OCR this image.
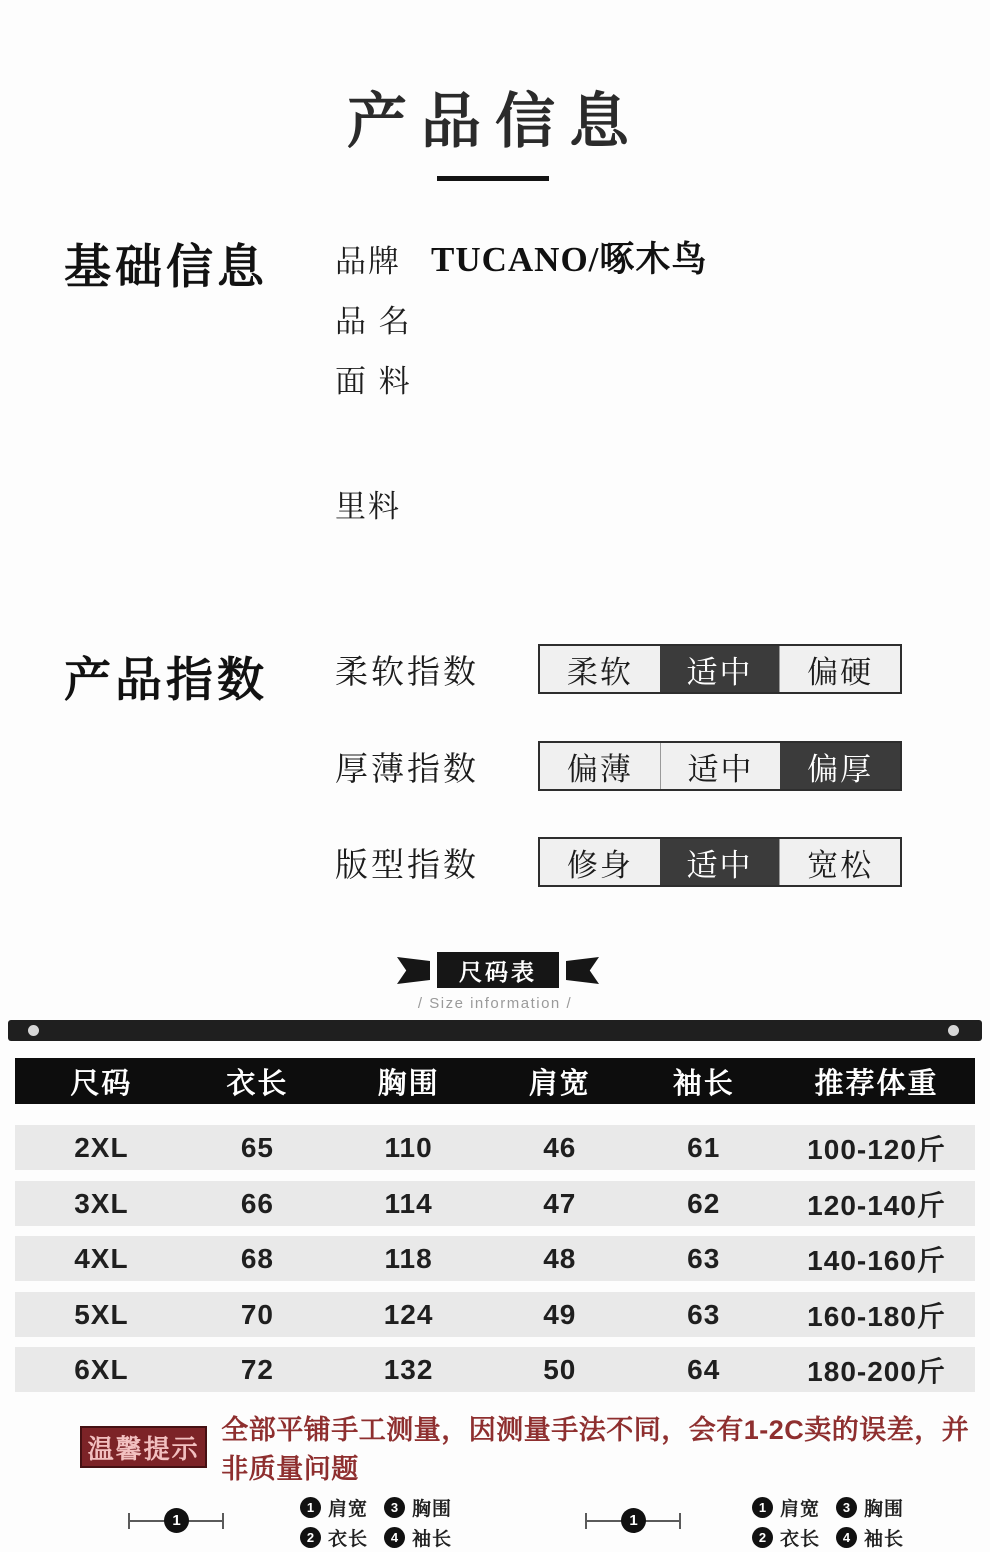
产品信息
基础信息 品牌 TUCANO/啄木鸟
品 名
面 料
里料
产品指数 柔软指数	柔软	适中	偏硬
厚薄指数	偏薄	适中	偏厚
版型指数	修身	适中	宽松
尺码表
/ Size information /
尺码	衣长	胸围	肩宽	袖长	推荐体重
2XL	65	110	46	61	100-120斤
3XL	66	114	47	62	120-140斤
4XL	68	118	48	63	140-160斤
5XL	70	124	49	63	160-180斤
6XL	72	132	50	64	180-200斤
温馨提示
全部平铺手工测量，因测量手法不同，会有1-2C卖的误差，并非质量问题
1
1 肩宽	3 胸围
2 衣长	4 袖长
1
1 肩宽	3 胸围
2 衣长	4 袖长
